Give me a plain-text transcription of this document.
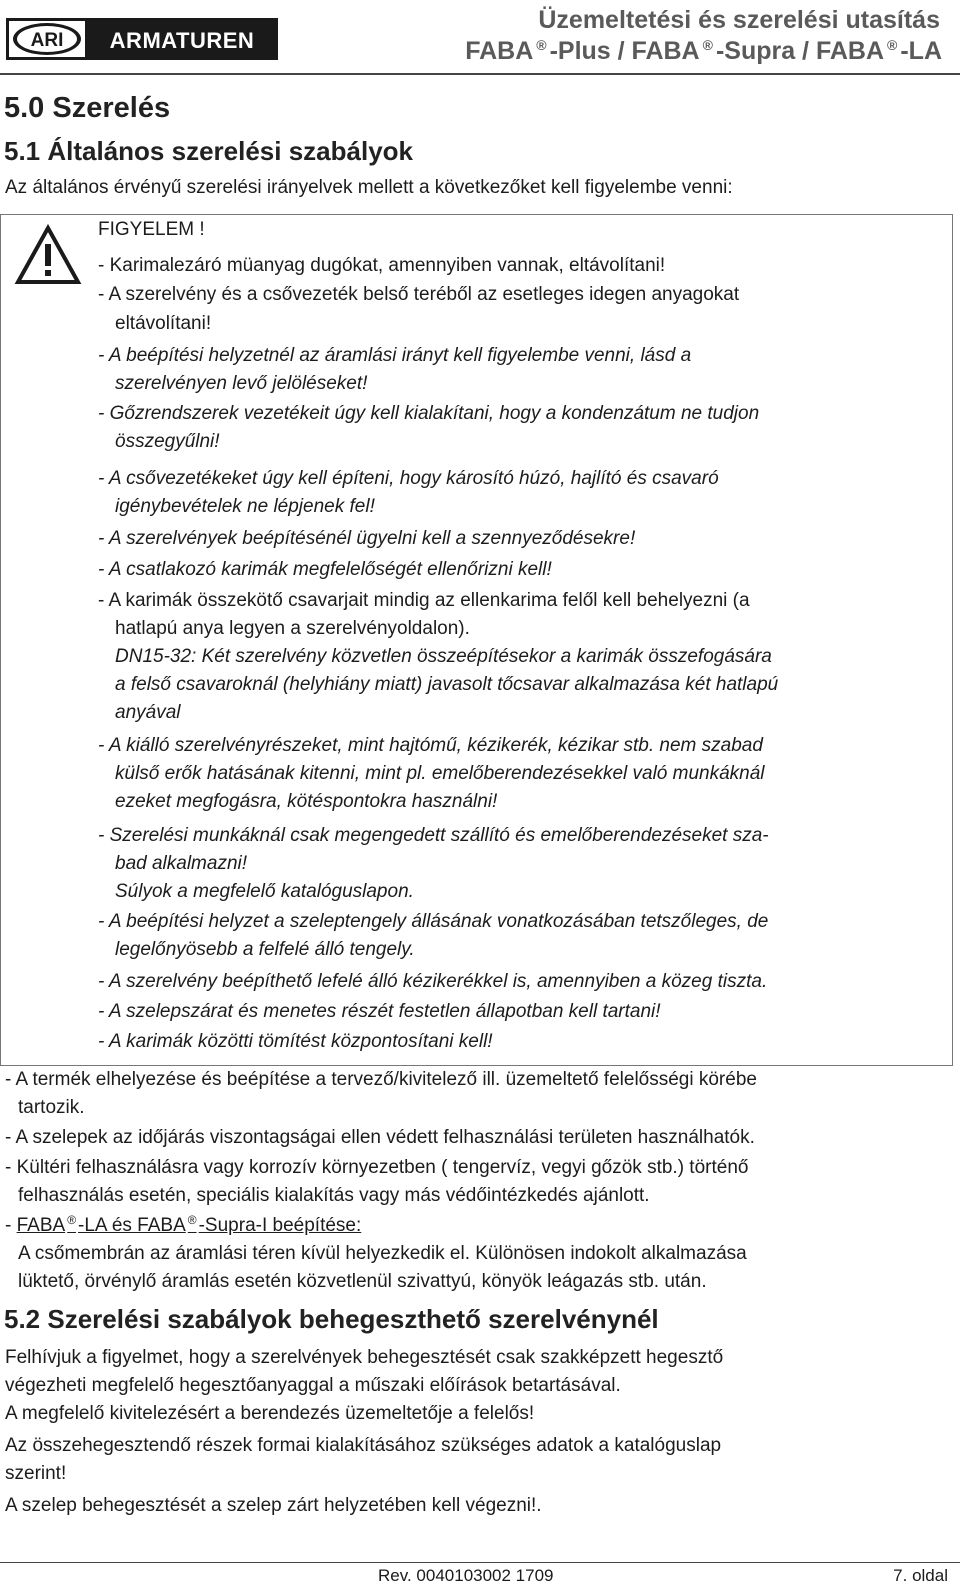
ARI ARMATUREN
Üzemeltetési és szerelési utasítás
FABA ® -Plus / FABA ® -Supra / FABA ® -LA
5.0 Szerelés
5.1 Általános szerelési szabályok
Az általános érvényű szerelési irányelvek mellett a következőket kell figyelembe venni:
FIGYELEM !
- Karimalezáró müanyag dugókat, amennyiben vannak, eltávolítani!
- A szerelvény és a csővezeték belső teréből az esetleges idegen anyagokat
eltávolítani!
- A beépítési helyzetnél az áramlási irányt kell figyelembe venni, lásd a
szerelvényen levő jelöléseket!
- Gőzrendszerek vezetékeit úgy kell kialakítani, hogy a kondenzátum ne tudjon
összegyűlni!
- A csővezetékeket úgy kell építeni, hogy károsító húzó, hajlító és csavaró
igénybevételek ne lépjenek fel!
- A szerelvények beépítésénél ügyelni kell a szennyeződésekre!
- A csatlakozó karimák megfelelőségét ellenőrizni kell!
- A karimák összekötő csavarjait mindig az ellenkarima felől kell behelyezni (a
hatlapú anya legyen a szerelvényoldalon).
DN15-32: Két szerelvény közvetlen összeépítésekor a karimák összefogására
a felső csavaroknál (helyhiány miatt) javasolt tőcsavar alkalmazása két hatlapú
anyával
- A kiálló szerelvényrészeket, mint hajtómű, kézikerék, kézikar stb. nem szabad
külső erők hatásának kitenni, mint pl. emelőberendezésekkel való munkáknál
ezeket megfogásra, kötéspontokra használni!
- Szerelési munkáknál csak megengedett szállító és emelőberendezéseket sza-
bad alkalmazni!
Súlyok a megfelelő katalóguslapon.
- A beépítési helyzet a szeleptengely állásának vonatkozásában tetszőleges, de
legelőnyösebb a felfelé álló tengely.
- A szerelvény beépíthető lefelé álló kézikerékkel is, amennyiben a közeg tiszta.
- A szelepszárat és menetes részét festetlen állapotban kell tartani!
- A karimák közötti tömítést központosítani kell!
- A termék elhelyezése és beépítése a tervező/kivitelező ill. üzemeltető felelősségi körébe
tartozik.
- A szelepek az időjárás viszontagságai ellen védett felhasználási területen használhatók.
- Kültéri felhasználásra vagy korrozív környezetben ( tengervíz, vegyi gőzök stb.) történő
felhasználás esetén, speciális kialakítás vagy más védőintézkedés ajánlott.
- FABA ® -LA és FABA ® -Supra-I beépítése:
A csőmembrán az áramlási téren kívül helyezkedik el. Különösen indokolt alkalmazása
lüktető, örvénylő áramlás esetén közvetlenül szivattyú, könyök leágazás stb. után.
5.2 Szerelési szabályok behegeszthető szerelvénynél
Felhívjuk a figyelmet, hogy a szerelvények behegesztését csak szakképzett hegesztő
végezheti megfelelő hegesztőanyaggal a műszaki előírások betartásával.
A megfelelő kivitelezésért a berendezés üzemeltetője a felelős!
Az összehegesztendő részek formai kialakításához szükséges adatok a katalóguslap
szerint!
A szelep behegesztését a szelep zárt helyzetében kell végezni!.
Rev. 0040103002 1709	7. oldal
